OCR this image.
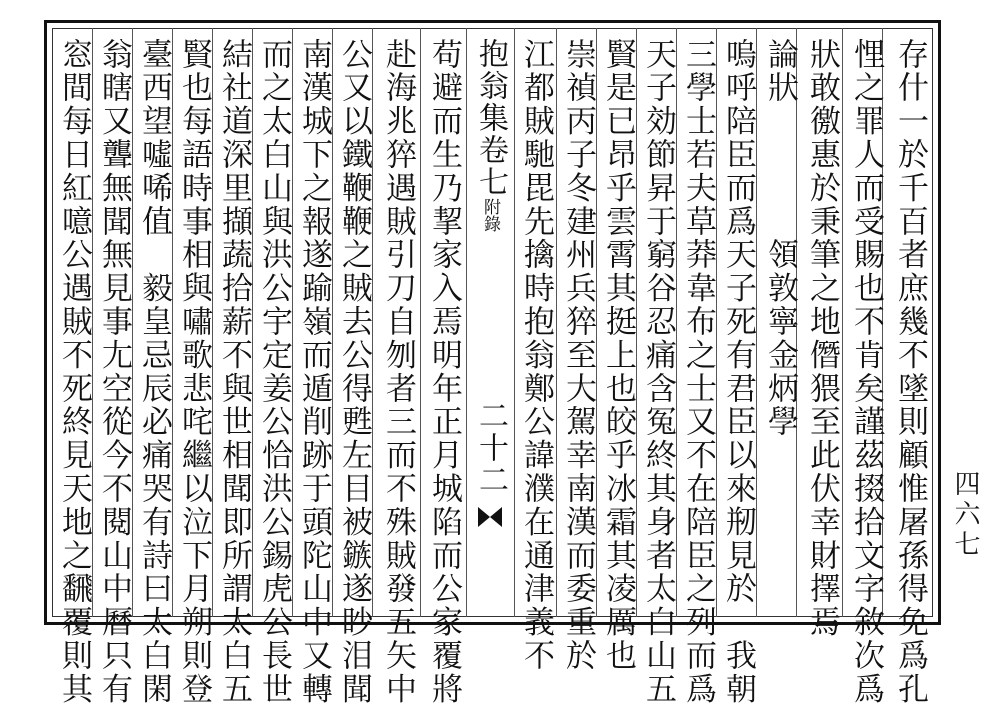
存什一於千百者庶幾不墜則顧惟屠孫得免爲孔
悝之罪人而受賜也不肯矣謹茲掇拾文字敘次爲
狀敢徼惠於秉筆之地僭猥至此伏幸財擇焉
論狀　　　　領敦寧金炳學
嗚呼陪臣而爲天子死有君臣以來剏見於　我朝
三學士若夫草莽韋布之士又不在陪臣之列而爲
天子効節昇于窮谷忍痛含冤終其身者太白山五
賢是已昂乎雲霄其挺上也皎乎冰霜其凌厲也
崇禎丙子冬建州兵猝至大駕幸南漢而委重於
江都賊馳毘先擒時抱翁鄭公諱濮在通津義不
抱翁集卷七附錄
二十二
苟避而生乃挈家入焉明年正月城陷而公家覆將
赴海兆猝遇賊引刀自刎者三而不殊賊發五矢中
公又以鐵鞭鞭之賊去公得甦左目被鏃遂眇泪聞
南漢城下之報遂踰嶺而遁削跡于頭陀山中又轉
而之太白山與洪公宇定姜公恰洪公錫虎公長世
結社道深里擷蔬拾薪不與世相聞即所謂太白五
賢也每語時事相與嘯歌悲咤繼以泣下月朔則登
臺西望噓唏值　毅皇忌辰必痛哭有詩曰太白閑
翁瞎又聾無聞無見事尢空從今不閱山中曆只有
窓間每日紅噫公遇賊不死終見天地之飜覆則其	四六七
